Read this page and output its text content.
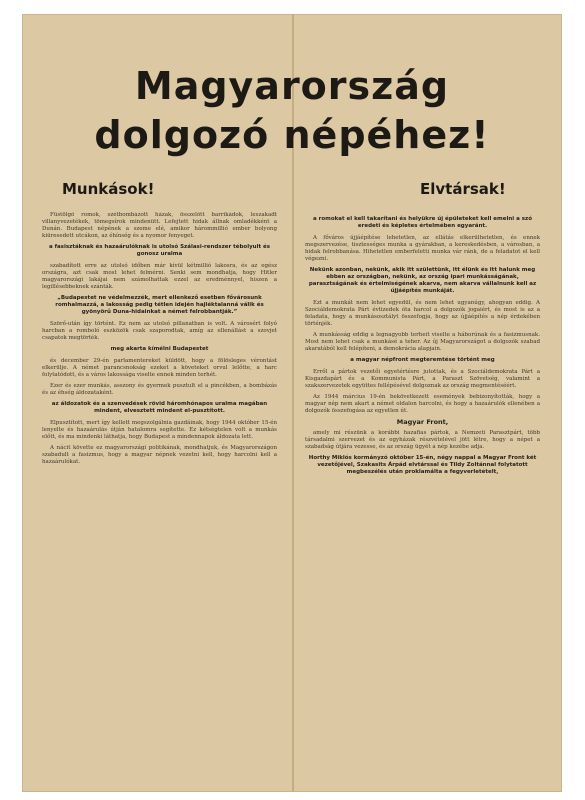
Magyarország
dolgozó népéhez!
Munkások!	Elvtársak!

Füstölgő romok, szétbombázott házak, összelőtt barrikádok, leszakadt villanyvezetékek, tömegsírok mindenütt. Lefejtett hidak állnak omladékként a Dunán. Budapest népének a szeme elé, amikor hárommillió ember bolyong kiüresedett utcákon, az éhínség és a nyomor fenyeget.

a fasisztáknak és hazaárulóknak is utolsó Szálasi-rendszer tébolyult és gonosz uralma

szabadított erre az utolsó időben már kívül kétmillió lakosra, és az egész országra, azt csak most lehet felmérni. Senki sem mondhatja, hogy Hitler magyarországi lakájai nem számolhattak ezzel az eredménnyel, hiszen a legillésebbeknek szánták.

„Budapestet ne védelmezzék, mert ellenkező esetben fővárosunk romhalmazzá, a lakosság pedig tétlen idején hajléktalanná válik és gyönyörű Duna-hidainkat a német felrobbantják.”

Szörő-után így történt. Ez nem az utolsó pillanatban is volt. A városért folyó harcban a romboló eszközök csak szaporodtak, amíg az ellenállást a szovjet csapatok megtörték.

meg akarta kímélni Budapestet

és december 29-én parlamentereket küldött, hogy a fölösleges vérontást elkerülje. A német parancsnokság ezeket a követeket orvul lelőtte, a harc folytatódott, és a város lakossága viselte ennek minden terhét.

Ezer és ezer munkás, asszony és gyermek pusztult el a pincékben, a bombázás és az éhség áldozataként.

az áldozatok és a szenvedések rövid háromhónapos uralma magában mindent, elvesztett mindent el-pusztított.

Elpusztított, mert így kellett megszolgálnia gazdáinak, hogy 1944 október 15-én lenyelte és hazaárulás útján hatalomra segítette. Ez kétségtelen volt a munkás előtt, és ma mindenki láthatja, hogy Budapest a mindennapok áldozata lett.

A nácit követte ez magyarországi politikának, mondhatjuk, és Magyarországon szabadult a fasizmus, hogy a magyar népnek vezetni kell, hogy harcolni kell a hazaárulókat.

a romokat el kell takarítani és helyükre új épületeket kell emelni a szó eredeti és képletes értelmében egyaránt.

A főváros újjáépítése lehetetlen, az ellátás elkerülhetetlen, és ennek megszervezése, tisztességes munka a gyárakban, a kereskedésben, a városban, a hidak felrobbanása. Hihetetlen emberfeletti munka vár ránk, de a feladatot el kell végezni.

Nekünk azonban, nekünk, akik itt születtünk, itt élünk és itt halunk meg ebben az országban, nekünk, az ország ipari munkásságának, parasztságának és értelmiségének akarva, nem akarva vállalnunk kell az újjáépítés munkáját.

Ezt a munkát nem lehet egyedül, és nem lehet ugyanúgy, ahogyan eddig. A Szociáldemokrata Párt évtizedek óta harcol a dolgozók jogaiért, és most is az a feladata, hogy a munkásosztályt összefogja, hogy az újjáépítés a nép érdekében történjék.

A munkásság eddig a legnagyobb terheit viselte a háborúnak és a fasizmusnak. Most nem lehet csak a munkásé a teher. Az új Magyarországot a dolgozók szabad akaratából kell felépíteni, a demokrácia alapjain.

a magyar népfront megteremtése történt meg

Erről a pártok vezetői egyetértésre jutottak, és a Szociáldemokrata Párt a Kisgazdapárt és a Kommunista Párt, a Paraszt Szövetség, valamint a szakszervezetek együttes fellépésével dolgoznak az ország megmentéséért.

Az 1944 március 19-én bekövetkezett események bebizonyították, hogy a magyar nép nem akart a német oldalon harcolni, és hogy a hazaárulók ellenében a dolgozók összefogása az egyetlen út.

Magyar Front,

amely mi részünk a korábbi hazafias pártok, a Nemzeti Parasztpárt, több társadalmi szervezet és az egyházak részvételével jött létre, hogy a népet a szabadság útjára vezesse, és az ország ügyét a nép kezébe adja.

Horthy Miklós kormányzó október 15-én, négy nappal a Magyar Front két vezetőjével, Szakasits Árpád elvtárssal és Tildy Zoltánnal folytatott megbeszélés után proklamálta a fegyverletételt,
